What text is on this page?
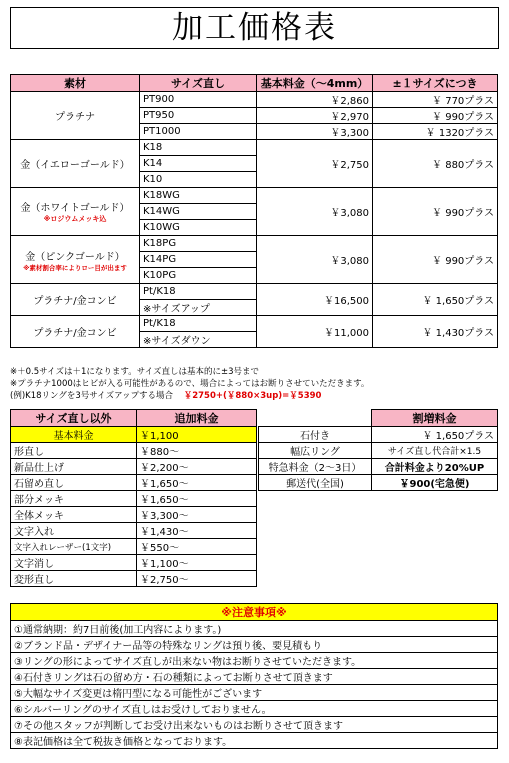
加工価格表
素材	サイズ直し	基本料金（～4mm）	±１サイズにつき
プラチナ	PT900	￥2,860	￥ 770プラス
	PT950	￥2,970	￥ 990プラス
	PT1000	￥3,300	￥ 1320プラス
金（イエローゴールド）	K18	￥2,750	￥ 880プラス
	K14		
	K10		

金（ホワイトゴールド）
※ロジウムメッキ込	K18WG	￥3,080	￥ 990プラス
	K14WG		
	K10WG		

金（ピンクゴールド）
※素材割合率によりロー目が出ます	K18PG	￥3,080	￥ 990プラス
	K14PG		
	K10PG		
プラチナ/金コンビ	Pt/K18	￥16,500	￥ 1,650プラス
	※サイズアップ		
プラチナ/金コンビ	Pt/K18	￥11,000	￥ 1,430プラス
	※サイズダウン		
※＋0.5サイズは＋1になります。サイズ直しは基本的に±3号まで
※プラチナ1000はヒビが入る可能性があるので、場合によってはお断りさせていただきます。
(例)K18リングを3号サイズアップする場合 ￥2750+(￥880×3up)=￥5390
サイズ直し以外	追加料金
基本料金	￥1,100
形直し	￥880～
新品仕上げ	￥2,200～
石留め直し	￥1,650～
部分メッキ	￥1,650～
全体メッキ	￥3,300～
文字入れ	￥1,430～
文字入れレーザー(1文字)	￥550～
文字消し	￥1,100～
変形直し	￥2,750～
	割増料金
石付き	￥ 1,650プラス
幅広リング	サイズ直し代合計×1.5
特急料金（2～3日）	合計料金より20%UP
郵送代(全国)	￥900(宅急便)
※注意事項※
①通常納期：約7日前後(加工内容によります。)
②ブランド品・デザイナー品等の特殊なリングは預り後、要見積もり
③リングの形によってサイズ直しが出来ない物はお断りさせていただきます。
④石付きリングは石の留め方・石の種類によってお断りさせて頂きます
⑤大幅なサイズ変更は楕円型になる可能性がございます
⑥シルバーリングのサイズ直しはお受けしておりません。
⑦その他スタッフが判断してお受け出来ないものはお断りさせて頂きます
⑧表記価格は全て税抜き価格となっております。
